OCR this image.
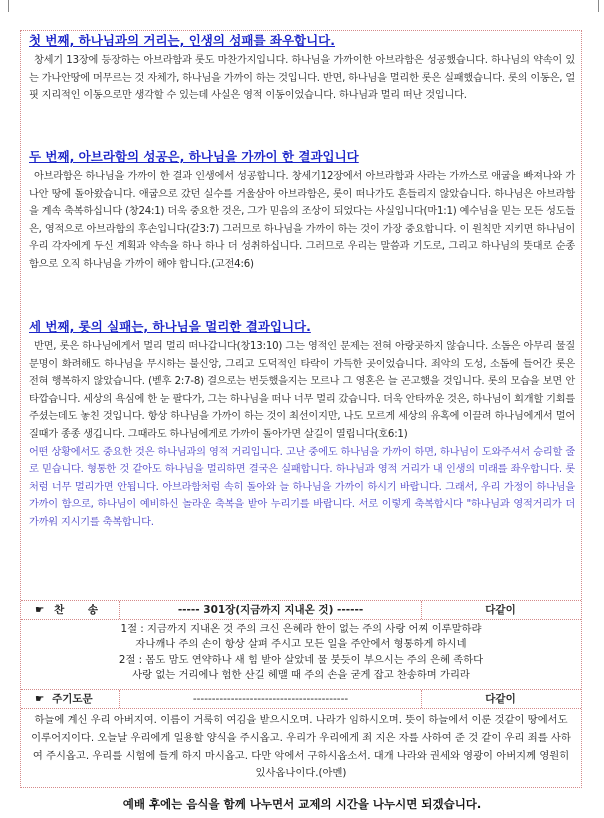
첫 번째, 하나님과의 거리는, 인생의 성패를 좌우합니다.

창세기 13장에 등장하는 아브라함과 롯도 마찬가지입니다. 하나님을 가까이한 아브라함은 성공했습니다. 하나님의 약속이 있는 가나안땅에 머무르는 것 자체가, 하나님을 가까이 하는 것입니다. 반면, 하나님을 멀리한 롯은 실패했습니다. 롯의 이동은, 얼핏 지리적인 이동으로만 생각할 수 있는데 사실은 영적 이동이었습니다. 하나님과 멀리 떠난 것입니다.

두 번째, 아브라함의 성공은, 하나님을 가까이 한 결과입니다

아브라함은 하나님을 가까이 한 결과 인생에서 성공합니다. 창세기12장에서 아브라함과 사라는 가까스로 애굽을 빠져나와 가나안 땅에 돌아왔습니다. 애굽으로 갔던 실수를 거울삼아 아브라함은, 롯이 떠나가도 흔들리지 않았습니다. 하나님은 아브라함을 계속 축복하십니다 (창24:1) 더욱 중요한 것은, 그가 믿음의 조상이 되었다는 사실입니다(마1:1) 예수님을 믿는 모든 성도들은, 영적으로 아브라함의 후손입니다(갈3:7) 그러므로 하나님을 가까이 하는 것이 가장 중요합니다. 이 원칙만 지키면 하나님이 우리 각자에게 두신 계획과 약속을 하나 하나 더 성취하십니다. 그러므로 우리는 말씀과 기도로, 그리고 하나님의 뜻대로 순종함으로 오직 하나님을 가까이 해야 합니다.(고전4:6)

세 번째, 롯의 실패는, 하나님을 멀리한 결과입니다.

반면, 롯은 하나님에게서 멀리 멀리 떠나갑니다(창13:10) 그는 영적인 문제는 전혀 아랑곳하지 않습니다. 소돔은 아무리 물질문명이 화려해도 하나님을 무시하는 불신앙, 그리고 도덕적인 타락이 가득한 곳이었습니다. 죄악의 도성, 소돔에 들어간 롯은 전혀 행복하지 않았습니다. (벧후 2:7-8) 결으로는 번듯했을지는 모르나 그 영혼은 늘 곤고했을 것입니다. 롯의 모습을 보면 안타깝습니다. 세상의 욕심에 한 눈 팔다가, 그는 하나님을 떠나 너무 멀리 갔습니다. 더욱 안타까운 것은, 하나님이 회개할 기회를 주셨는데도 놓친 것입니다. 항상 하나님을 가까이 하는 것이 최선이지만, 나도 모르게 세상의 유혹에 이끌려 하나님에게서 멀어질때가 종종 생깁니다. 그때라도 하나님에게로 가까이 돌아가면 살길이 열립니다(호6:1)

어떤 상황에서도 중요한 것은 하나님과의 영적 거리입니다. 고난 중에도 하나님을 가까이 하면, 하나님이 도와주셔서 승리할 줄로 믿습니다. 형통한 것 같아도 하나님을 멀리하면 결국은 실패합니다. 하나님과 영적 거리가 내 인생의 미래를 좌우합니다. 롯처럼 너무 멀리가면 안됩니다. 아브라함처럼 속히 돌아와 늘 하나님을 가까이 하시기 바랍니다. 그래서, 우리 가정이 하나님을 가까이 함으로, 하나님이 예비하신 놀라운 축복을 받아 누리기를 바랍니다. 서로 이렇게 축복합시다 "하나님과 영적거리가 더 가까워 지시기를 축복합니다.

☛ 찬 송	----- 301장(지금까지 지내온 것) ------	다같이
1절 : 지금까지 지내온 것 주의 크신 은혜라 한이 없는 주의 사랑 어찌 이루말하랴
자나깨나 주의 손이 항상 살펴 주시고 모든 일을 주안에서 형통하게 하시네
2절 : 몸도 맘도 연약하나 새 힘 받아 살았네 물 붓듯이 부으시는 주의 은혜 족하다
사랑 없는 거리에나 험한 산길 헤맬 때 주의 손을 굳게 잡고 찬송하며 가리라
☛ 주기도문	-----------------------------------------	다같이
하늘에 계신 우리 아버지여. 이름이 거룩히 여김을 받으시오며. 나라가 임하시오며. 뜻이 하늘에서 이룬 것같이 땅에서도 이루어지이다. 오늘날 우리에게 일용할 양식을 주시옵고. 우리가 우리에게 죄 지은 자를 사하여 준 것 같이 우리 죄를 사하여 주시옵고. 우리를 시험에 들게 하지 마시옵고. 다만 악에서 구하시옵소서. 대개 나라와 권세와 영광이 아버지께 영원히 있사옵나이다.(아멘)
예배 후에는 음식을 함께 나누면서 교제의 시간을 나누시면 되겠습니다.
